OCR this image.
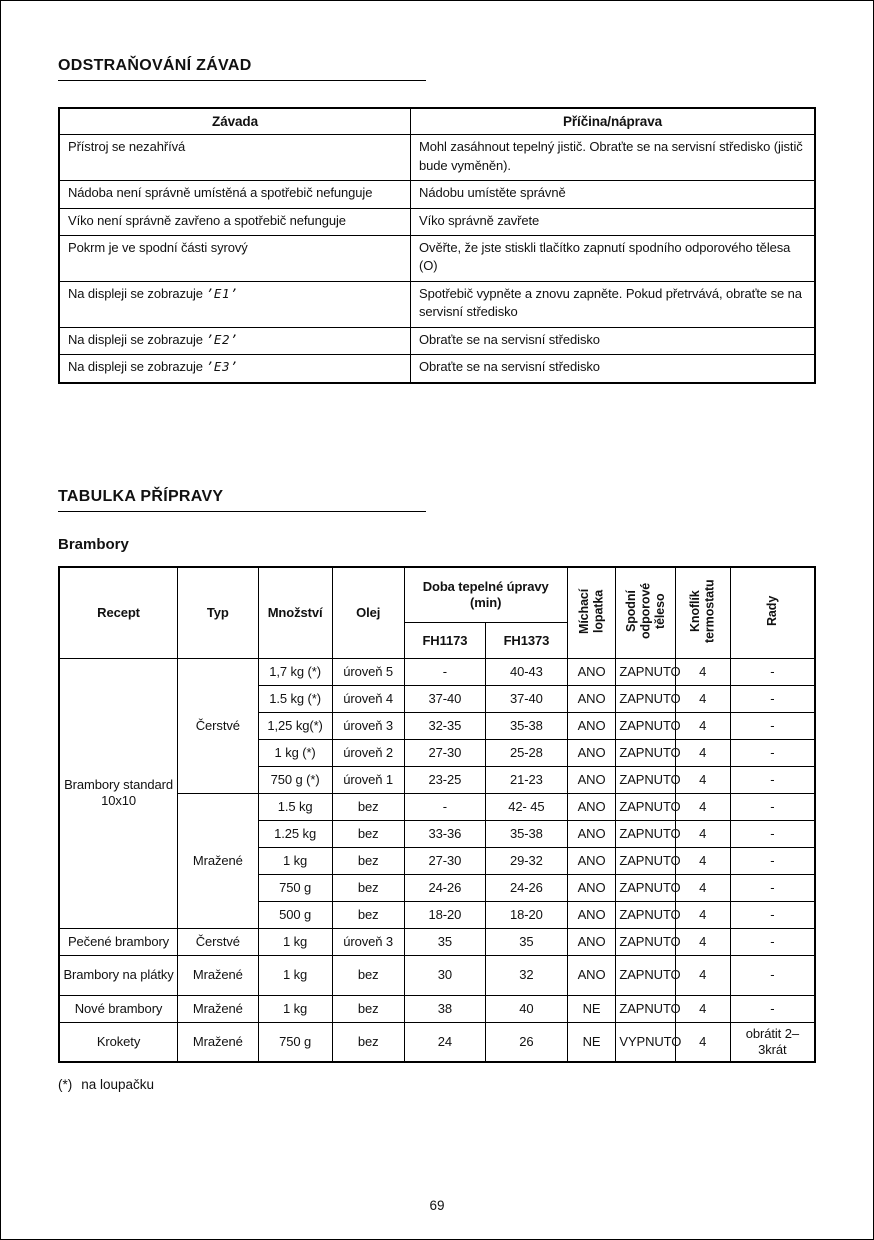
ODSTRAŇOVÁNÍ ZÁVAD
Závada	Příčina/náprava
Přístroj se nezahřívá	Mohl zasáhnout tepelný jistič. Obraťte se na servisní středisko (jistič bude vyměněn).
Nádoba není správně umístěná a spotřebič nefunguje	Nádobu umístěte správně
Víko není správně zavřeno a spotřebič nefunguje	Víko správně zavřete
Pokrm je ve spodní části syrový	Ověřte, že jste stiskli tlačítko zapnutí spodního odporového tělesa (O)
Na displeji se zobrazuje ’E1’	Spotřebič vypněte a znovu zapněte. Pokud přetrvává, obraťte se na servisní středisko
Na displeji se zobrazuje ’E2’	Obraťte se na servisní středisko
Na displeji se zobrazuje ’E3’	Obraťte se na servisní středisko
TABULKA PŘÍPRAVY
Brambory
Recept	Typ	Množství	Olej	Doba tepelné úpravy (min)		Míchací lopatka	Spodní odporové těleso	Knoflík termostatu	Rady
				FH1173	FH1373				
Brambory standard 10x10	Čerstvé	1,7 kg (*)	úroveň 5	-	40-43	ANO	ZAPNUTO	4	-
		1.5 kg (*)	úroveň 4	37-40	37-40	ANO	ZAPNUTO	4	-
		1,25 kg(*)	úroveň 3	32-35	35-38	ANO	ZAPNUTO	4	-
		1 kg (*)	úroveň 2	27-30	25-28	ANO	ZAPNUTO	4	-
		750 g (*)	úroveň 1	23-25	21-23	ANO	ZAPNUTO	4	-
	Mražené	1.5 kg	bez	-	42- 45	ANO	ZAPNUTO	4	-
		1.25 kg	bez	33-36	35-38	ANO	ZAPNUTO	4	-
		1 kg	bez	27-30	29-32	ANO	ZAPNUTO	4	-
		750 g	bez	24-26	24-26	ANO	ZAPNUTO	4	-
		500 g	bez	18-20	18-20	ANO	ZAPNUTO	4	-
Pečené brambory	Čerstvé	1 kg	úroveň 3	35	35	ANO	ZAPNUTO	4	-
Brambory na plátky	Mražené	1 kg	bez	30	32	ANO	ZAPNUTO	4	-
Nové brambory	Mražené	1 kg	bez	38	40	NE	ZAPNUTO	4	-
Krokety	Mražené	750 g	bez	24	26	NE	VYPNUTO	4	obrátit 2–3krát
(*) na loupačku
69
